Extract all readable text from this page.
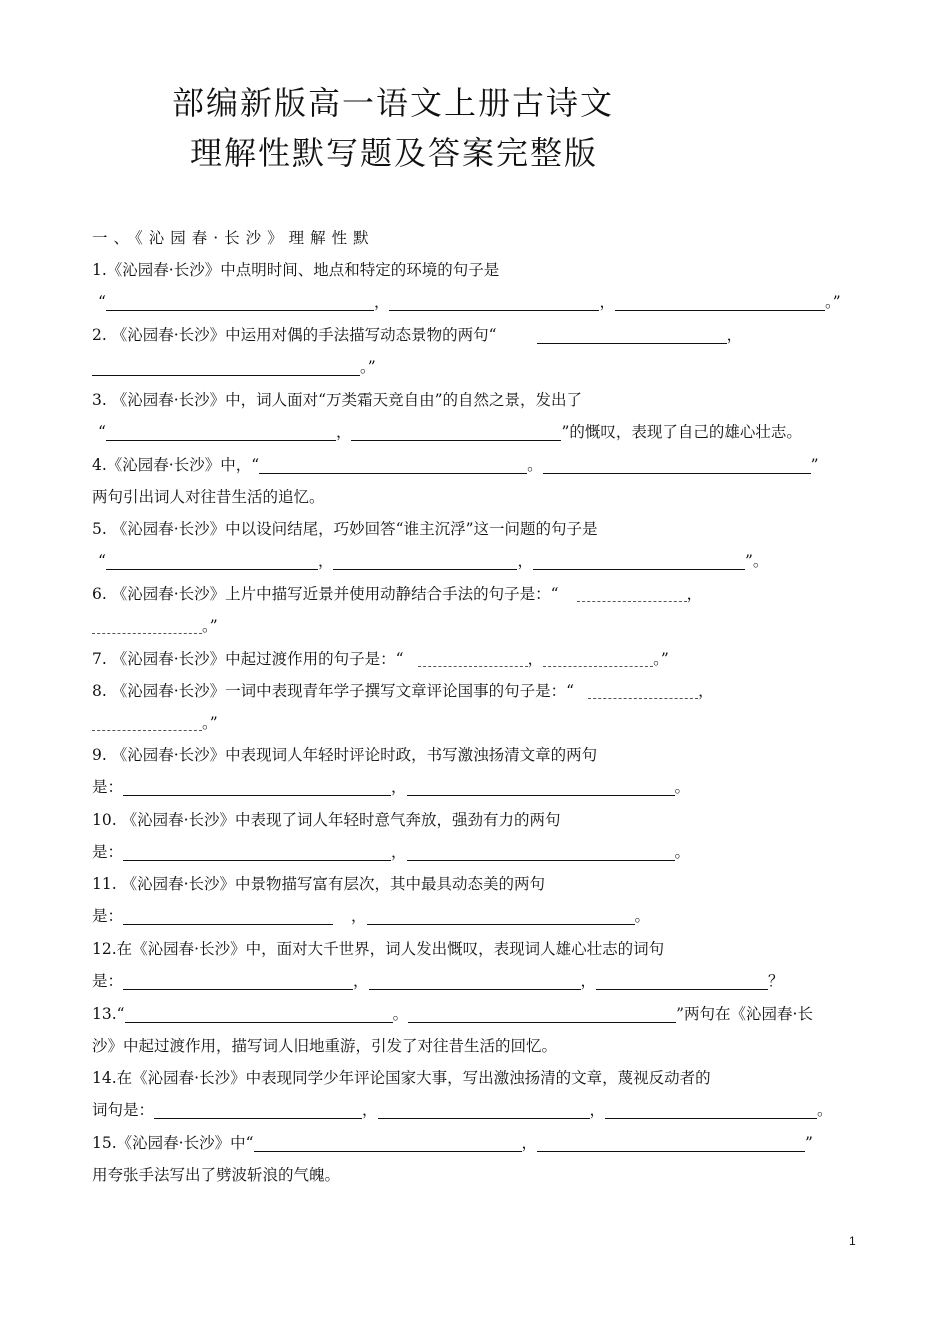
部编新版高一语文上册古诗文
理解性默写题及答案完整版
一、《沁园春·长沙》理解性默
1.《沁园春·长沙》中点明时间、地点和特定的环境的句子是
“	，	，	。”
2. 《沁园春·长沙》中运用对偶的手法描写动态景物的两句“	，
。”
3. 《沁园春·长沙》中，词人面对“万类霜天竞自由”的自然之景，发出了
“	，	”的慨叹，表现了自己的雄心壮志。
4.《沁园春·长沙》中，“	。	”
两句引出词人对往昔生活的追忆。
5. 《沁园春·长沙》中以设问结尾，巧妙回答“谁主沉浮”这一问题的句子是
“	，	，	”。
6. 《沁园春·长沙》上片中描写近景并使用动静结合手法的句子是：“	，
。”
7. 《沁园春·长沙》中起过渡作用的句子是：“	，	。”
8. 《沁园春·长沙》一词中表现青年学子撰写文章评论国事的句子是：“	，
。”
9. 《沁园春·长沙》中表现词人年轻时评论时政，书写激浊扬清文章的两句
是：	，	。
10. 《沁园春·长沙》中表现了词人年轻时意气奔放，强劲有力的两句
是：	，	。
11. 《沁园春·长沙》中景物描写富有层次，其中最具动态美的两句
是：	，	。
12.在《沁园春·长沙》中，面对大千世界，词人发出慨叹，表现词人雄心壮志的词句
是：	，	，	？
13.“	。	”两句在《沁园春·长
沙》中起过渡作用，描写词人旧地重游，引发了对往昔生活的回忆。
14.在《沁园春·长沙》中表现同学少年评论国家大事，写出激浊扬清的文章，蔑视反动者的
词句是：	，	，	。
15.《沁园春·长沙》中“	，	”
用夸张手法写出了劈波斩浪的气魄。
1
